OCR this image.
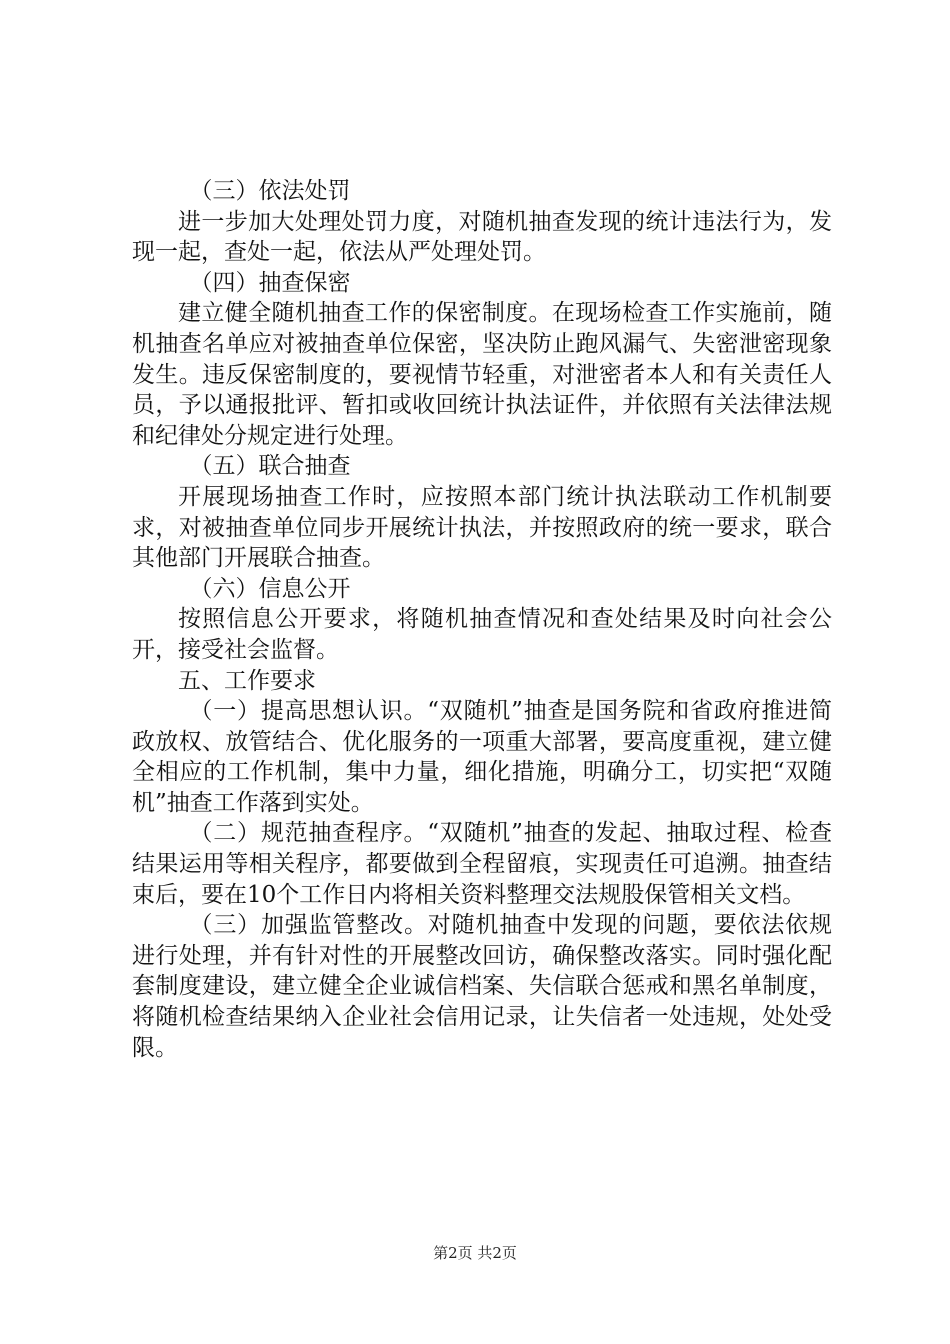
（三）依法处罚

进一步加大处理处罚力度，对随机抽查发现的统计违法行为，发现一起，查处一起，依法从严处理处罚。

（四）抽查保密

建立健全随机抽查工作的保密制度。在现场检查工作实施前，随机抽查名单应对被抽查单位保密，坚决防止跑风漏气、失密泄密现象发生。违反保密制度的，要视情节轻重，对泄密者本人和有关责任人员，予以通报批评、暂扣或收回统计执法证件，并依照有关法律法规和纪律处分规定进行处理。

（五）联合抽查

开展现场抽查工作时，应按照本部门统计执法联动工作机制要求，对被抽查单位同步开展统计执法，并按照政府的统一要求，联合其他部门开展联合抽查。

（六）信息公开

按照信息公开要求，将随机抽查情况和查处结果及时向社会公开，接受社会监督。

五、工作要求

（一）提高思想认识。“双随机”抽查是国务院和省政府推进简政放权、放管结合、优化服务的一项重大部署，要高度重视，建立健全相应的工作机制，集中力量，细化措施，明确分工，切实把“双随机”抽查工作落到实处。

（二）规范抽查程序。“双随机”抽查的发起、抽取过程、检查结果运用等相关程序，都要做到全程留痕，实现责任可追溯。抽查结束后，要在10个工作日内将相关资料整理交法规股保管相关文档。

（三）加强监管整改。对随机抽查中发现的问题，要依法依规进行处理，并有针对性的开展整改回访，确保整改落实。同时强化配套制度建设，建立健全企业诚信档案、失信联合惩戒和黑名单制度，将随机检查结果纳入企业社会信用记录，让失信者一处违规，处处受限。

第2页 共2页
